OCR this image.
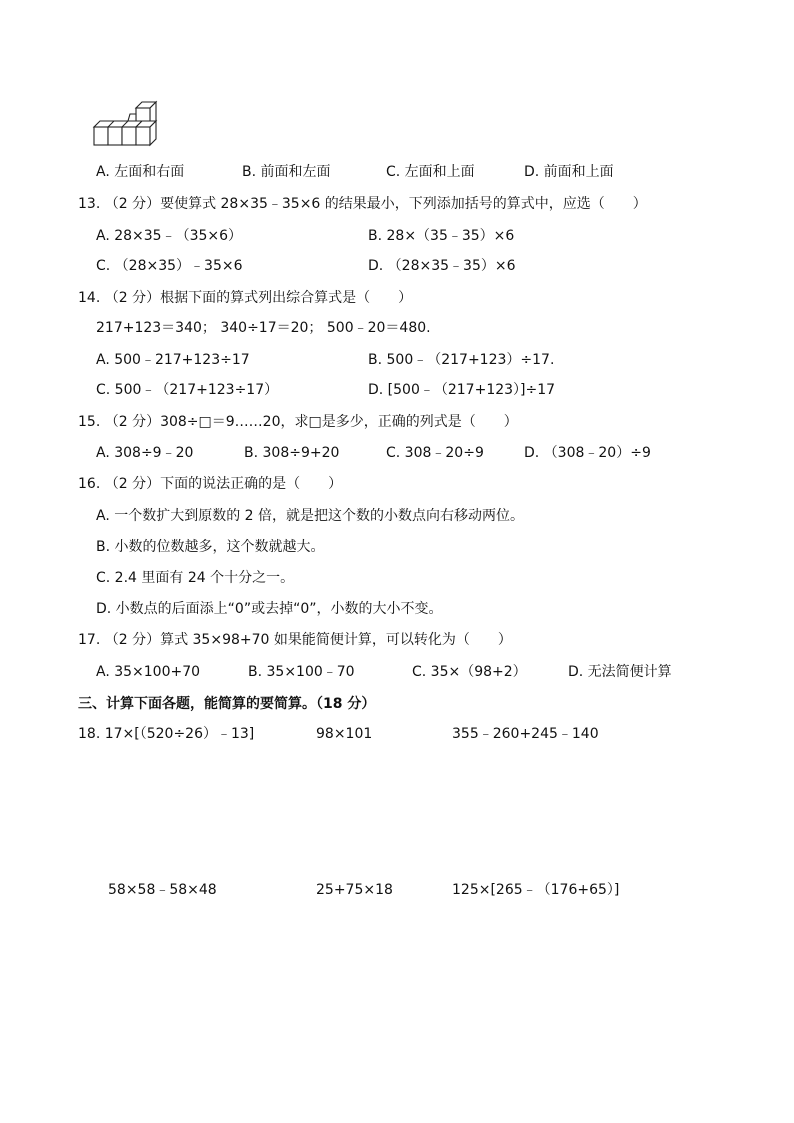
A. 左面和右面	B. 前面和左面	C. 左面和上面	D. 前面和上面
13. （2 分）要使算式 28×35﹣35×6 的结果最小，下列添加括号的算式中，应选（　　）
A. 28×35﹣（35×6）	B. 28×（35﹣35）×6
C. （28×35）﹣35×6	D. （28×35﹣35）×6
14. （2 分）根据下面的算式列出综合算式是（　　）
217+123＝340； 340÷17＝20； 500﹣20＝480.
A. 500﹣217+123÷17	B. 500﹣（217+123）÷17.
C. 500﹣（217+123÷17）	D. [500﹣（217+123）]÷17
15. （2 分）308÷□＝9……20，求□是多少，正确的列式是（　　）
A. 308÷9﹣20	B. 308÷9+20	C. 308﹣20÷9	D. （308﹣20）÷9
16. （2 分）下面的说法正确的是（　　）
A. 一个数扩大到原数的 2 倍，就是把这个数的小数点向右移动两位。
B. 小数的位数越多，这个数就越大。
C. 2.4 里面有 24 个十分之一。
D. 小数点的后面添上“0”或去掉“0”，小数的大小不变。
17. （2 分）算式 35×98+70 如果能简便计算，可以转化为（　　）
A. 35×100+70	B. 35×100﹣70	C. 35×（98+2）	D. 无法简便计算
三、计算下面各题，能简算的要简算。（18 分）
18. 17×[（520÷26）﹣13]	98×101	355﹣260+245﹣140
58×58﹣58×48	25+75×18	125×[265﹣（176+65）]
